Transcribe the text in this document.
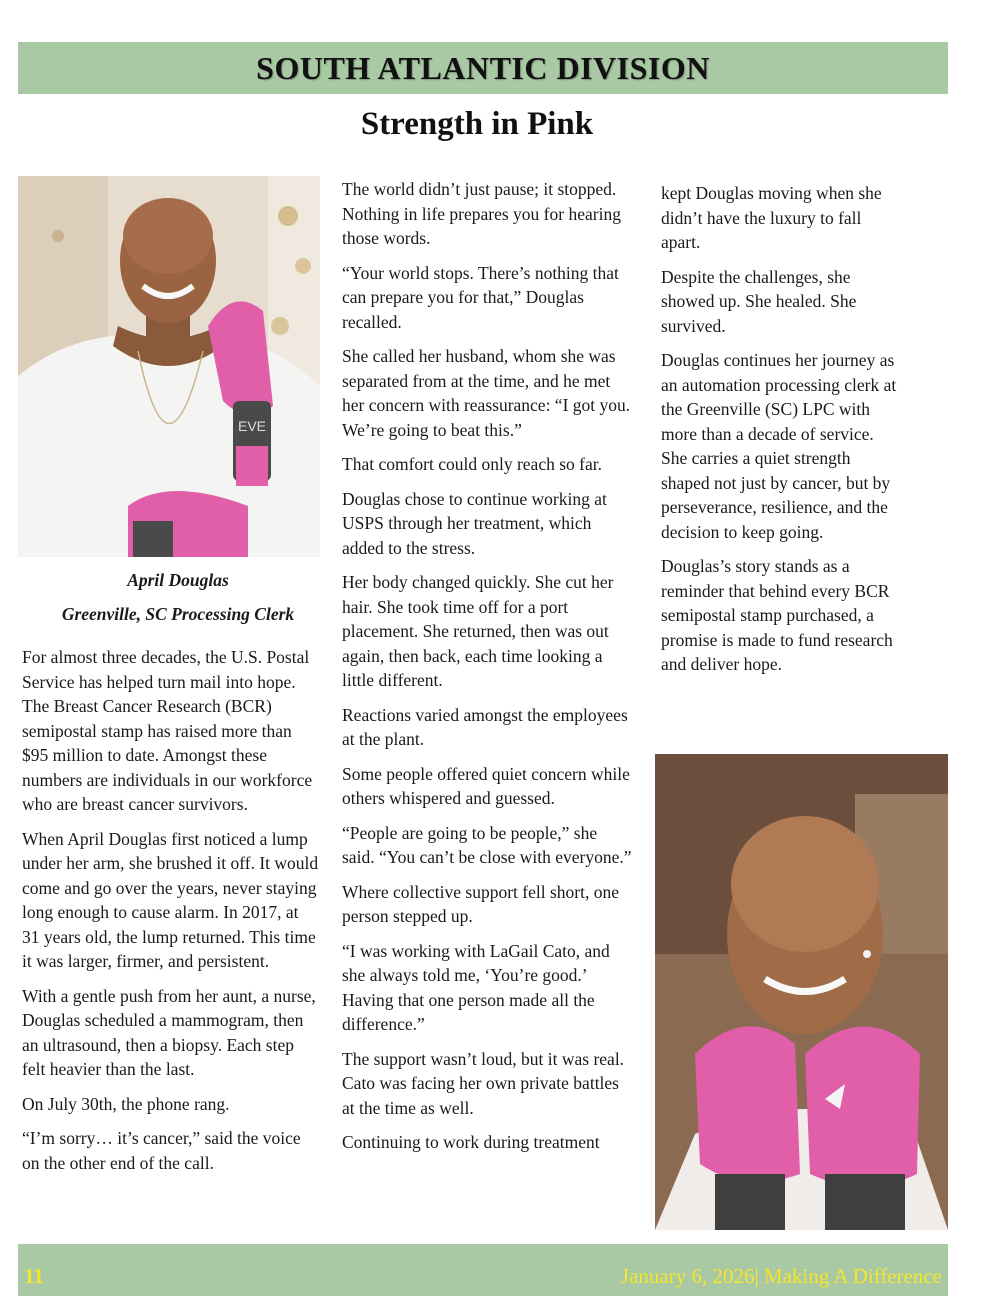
SOUTH ATLANTIC DIVISION
Strength in Pink
EVE
April Douglas
Greenville, SC Processing Clerk

For almost three decades, the U.S. Postal Service has helped turn mail into hope. The Breast Cancer Research (BCR) semipostal stamp has raised more than $95 million to date. Amongst these numbers are individuals in our workforce who are breast cancer survivors.

When April Douglas first noticed a lump under her arm, she brushed it off. It would come and go over the years, never staying long enough to cause alarm. In 2017, at 31 years old, the lump returned. This time it was larger, firmer, and persistent.

With a gentle push from her aunt, a nurse, Douglas scheduled a mammogram, then an ultrasound, then a biopsy. Each step felt heavier than the last.

On July 30th, the phone rang.

“I’m sorry… it’s cancer,” said the voice on the other end of the call.

The world didn’t just pause; it stopped. Nothing in life prepares you for hearing those words.

“Your world stops. There’s nothing that can prepare you for that,” Douglas recalled.

She called her husband, whom she was separated from at the time, and he met her concern with reassurance: “I got you. We’re going to beat this.”

That comfort could only reach so far.

Douglas chose to continue working at USPS through her treatment, which added to the stress.

Her body changed quickly. She cut her hair. She took time off for a port placement. She returned, then was out again, then back, each time looking a little different.

Reactions varied amongst the employees at the plant.

Some people offered quiet concern while others whispered and guessed.

“People are going to be people,” she said. “You can’t be close with everyone.”

Where collective support fell short, one person stepped up.

“I was working with LaGail Cato, and she always told me, ‘You’re good.’ Having that one person made all the difference.”

The support wasn’t loud, but it was real. Cato was facing her own private battles at the time as well.

Continuing to work during treatment

kept Douglas moving when she didn’t have the luxury to fall apart.

Despite the challenges, she showed up. She healed. She survived.

Douglas continues her journey as an automation processing clerk at the Greenville (SC) LPC with more than a decade of service. She carries a quiet strength shaped not just by cancer, but by perseverance, resilience, and the decision to keep going.

Douglas’s story stands as a reminder that behind every BCR semipostal stamp purchased, a promise is made to fund research and deliver hope.

11	January 6, 2026| Making A Difference
